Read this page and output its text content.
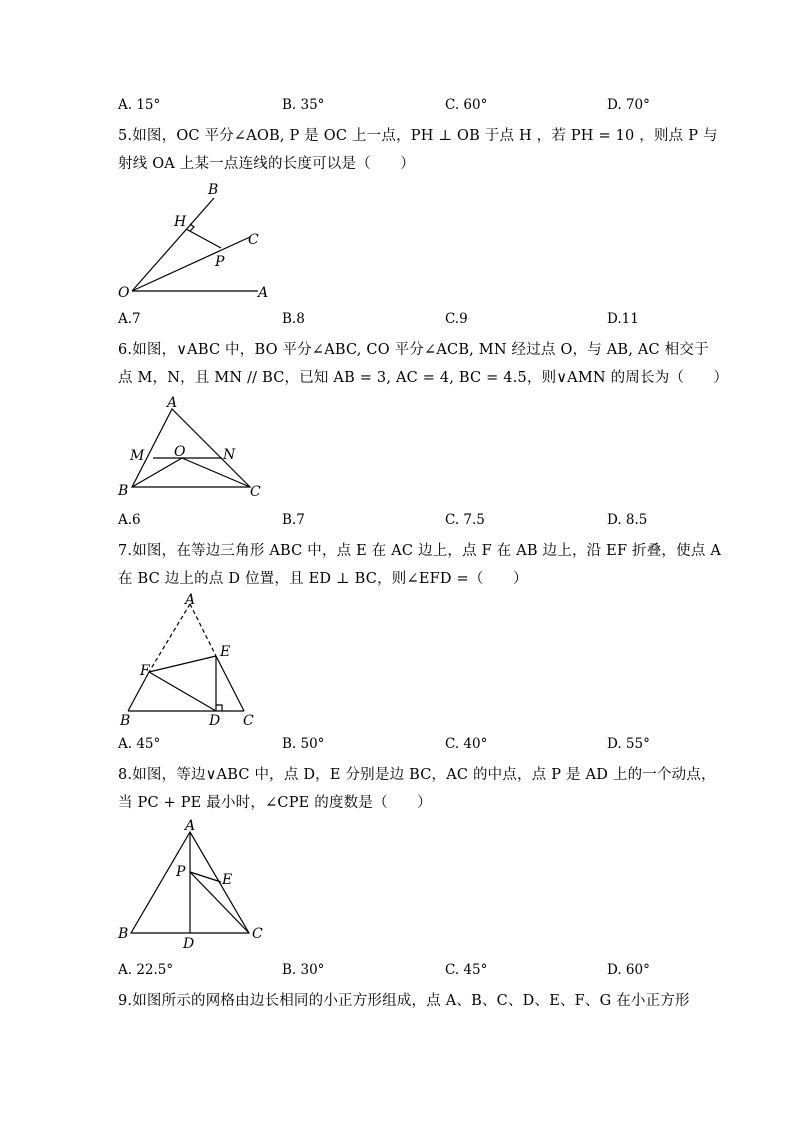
A. 15°	B. 35°	C. 60°	D. 70°
5.如图，OC 平分∠AOB, P 是 OC 上一点，PH ⊥ OB 于点 H ，若 PH = 10 ，则点 P 与
射线 OA 上某一点连线的长度可以是（　　）
B
H
C
P
O	A
A.7	B.8	C.9	D.11
6.如图，∨ABC 中，BO 平分∠ABC, CO 平分∠ACB, MN 经过点 O，与 AB, AC 相交于
点 M，N，且 MN // BC，已知 AB = 3, AC = 4, BC = 4.5，则∨AMN 的周长为（　　）
A
M O	N
B	C
A.6	B.7	C. 7.5	D. 8.5
7.如图，在等边三角形 ABC 中，点 E 在 AC 边上，点 F 在 AB 边上，沿 EF 折叠，使点 A
在 BC 边上的点 D 位置，且 ED ⊥ BC，则∠EFD =（　　）
A
E
F
B	D C
A. 45°	B. 50°	C. 40°	D. 55°
8.如图，等边∨ABC 中，点 D，E 分别是边 BC，AC 的中点，点 P 是 AD 上的一个动点，
当 PC + PE 最小时，∠CPE 的度数是（　　）
A
P	E
B
D
C
A. 22.5°	B. 30°	C. 45°	D. 60°
9.如图所示的网格由边长相同的小正方形组成，点 A、B、C、D、E、F、G 在小正方形
